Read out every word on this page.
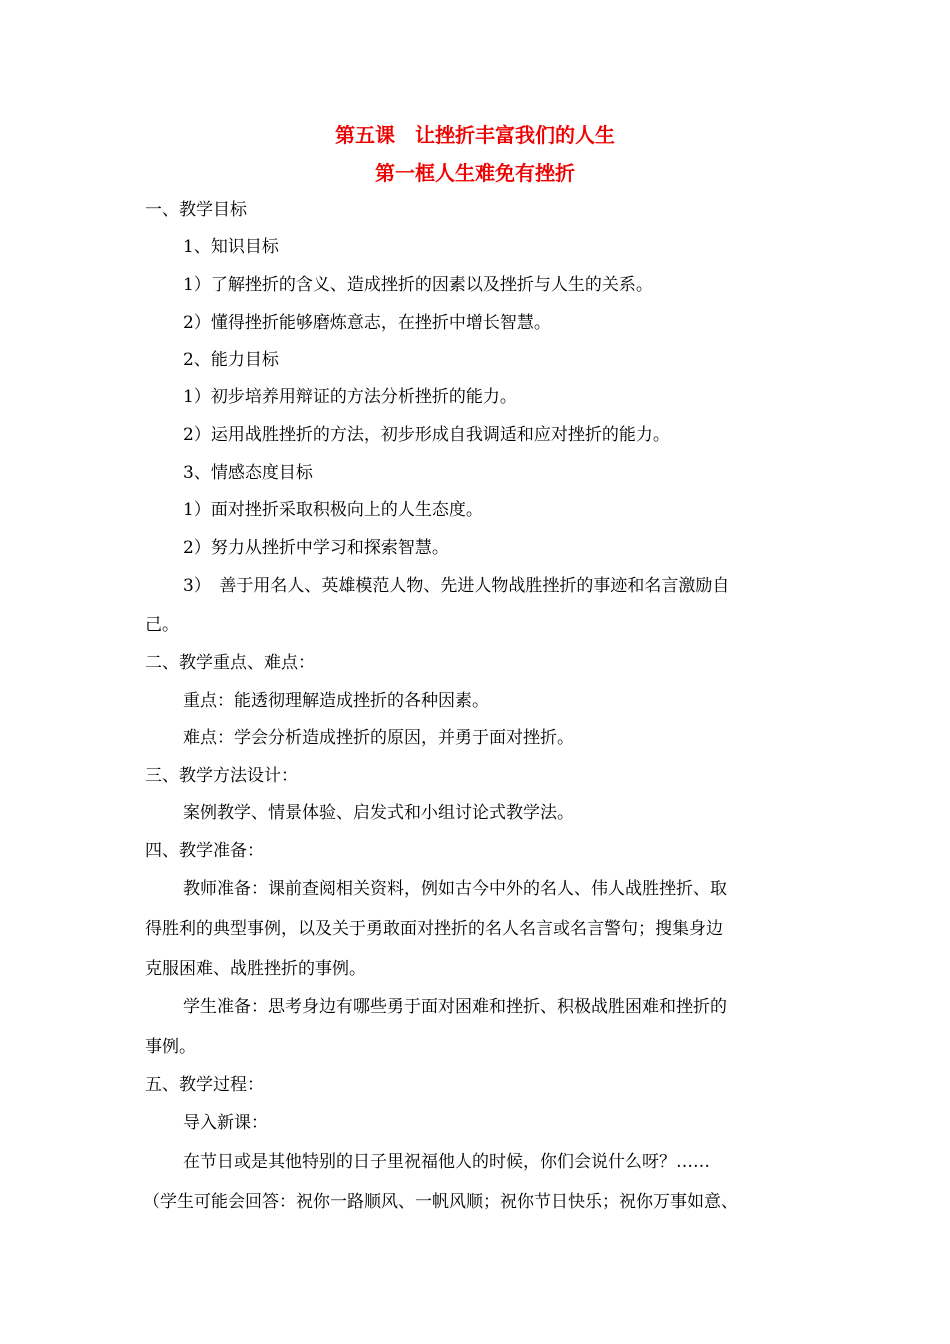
第五课　让挫折丰富我们的人生
第一框人生难免有挫折
一、教学目标
1、知识目标
1）了解挫折的含义、造成挫折的因素以及挫折与人生的关系。
2）懂得挫折能够磨炼意志，在挫折中增长智慧。
2、能力目标
1）初步培养用辩证的方法分析挫折的能力。
2）运用战胜挫折的方法，初步形成自我调适和应对挫折的能力。
3、情感态度目标
1）面对挫折采取积极向上的人生态度。
2）努力从挫折中学习和探索智慧。
3）　善于用名人、英雄模范人物、先进人物战胜挫折的事迹和名言激励自
己。
二、教学重点、难点：
重点：能透彻理解造成挫折的各种因素。
难点：学会分析造成挫折的原因，并勇于面对挫折。
三、教学方法设计：
案例教学、情景体验、启发式和小组讨论式教学法。
四、教学准备：
教师准备：课前查阅相关资料，例如古今中外的名人、伟人战胜挫折、取
得胜利的典型事例，以及关于勇敢面对挫折的名人名言或名言警句；搜集身边
克服困难、战胜挫折的事例。
学生准备：思考身边有哪些勇于面对困难和挫折、积极战胜困难和挫折的
事例。
五、教学过程：
导入新课：
在节日或是其他特别的日子里祝福他人的时候，你们会说什么呀？……
（学生可能会回答：祝你一路顺风、一帆风顺；祝你节日快乐；祝你万事如意、
